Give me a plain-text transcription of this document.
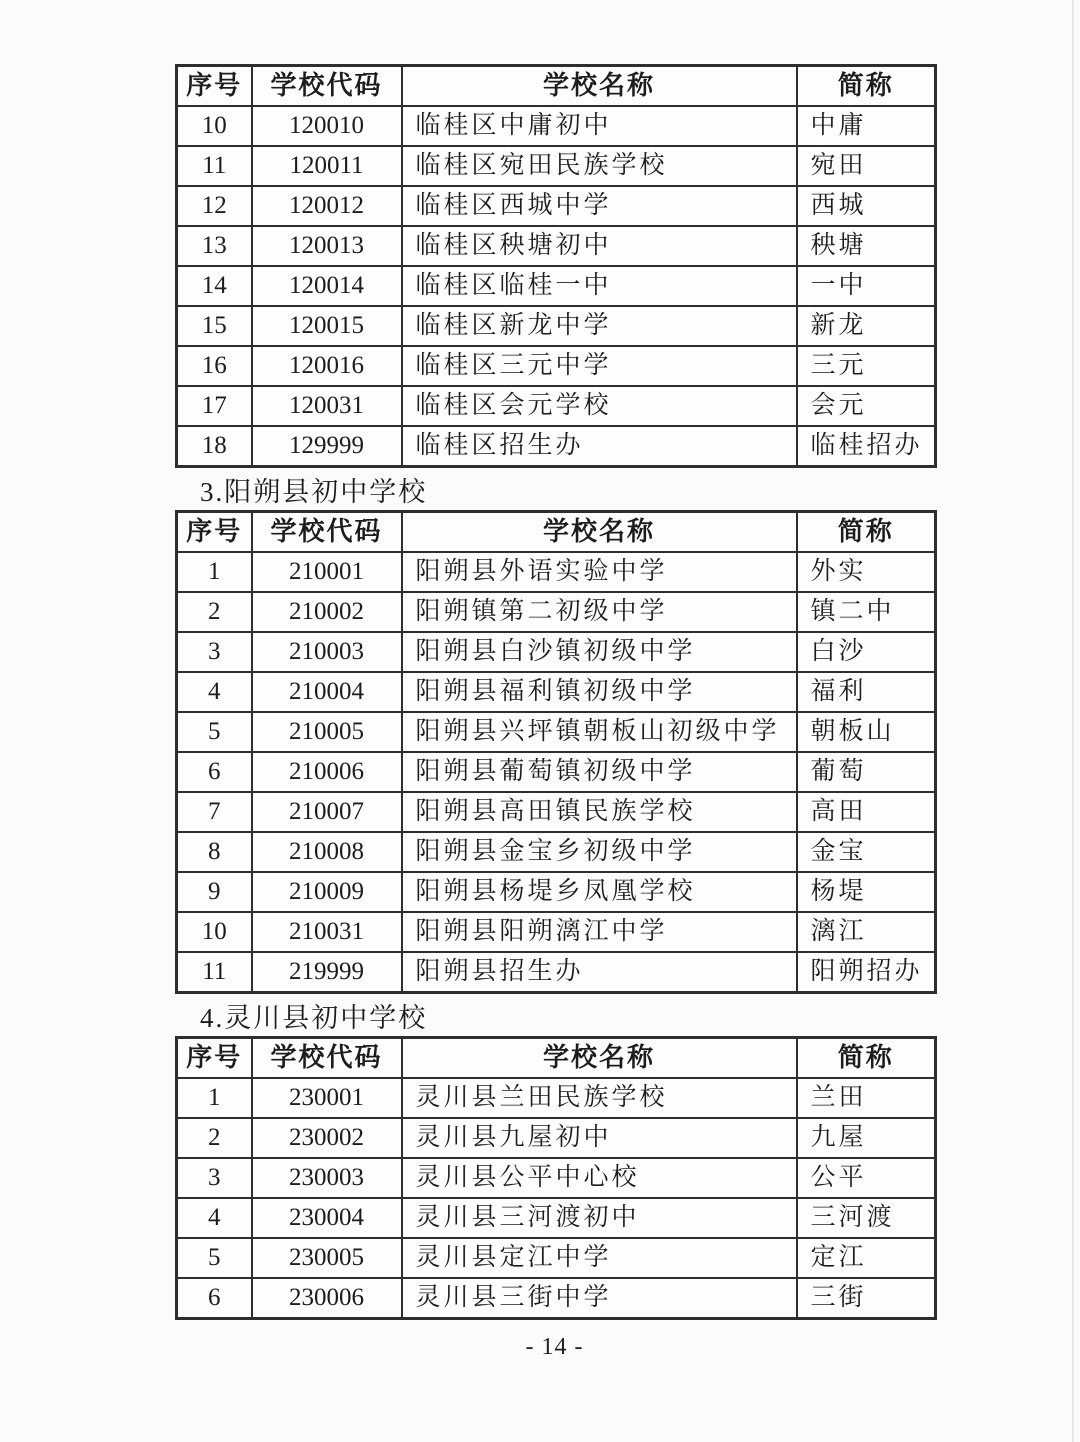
序号	学校代码	学校名称	简称
10	120010	临桂区中庸初中	中庸
11	120011	临桂区宛田民族学校	宛田
12	120012	临桂区西城中学	西城
13	120013	临桂区秧塘初中	秧塘
14	120014	临桂区临桂一中	一中
15	120015	临桂区新龙中学	新龙
16	120016	临桂区三元中学	三元
17	120031	临桂区会元学校	会元
18	129999	临桂区招生办	临桂招办
3.阳朔县初中学校
序号	学校代码	学校名称	简称
1	210001	阳朔县外语实验中学	外实
2	210002	阳朔镇第二初级中学	镇二中
3	210003	阳朔县白沙镇初级中学	白沙
4	210004	阳朔县福利镇初级中学	福利
5	210005	阳朔县兴坪镇朝板山初级中学	朝板山
6	210006	阳朔县葡萄镇初级中学	葡萄
7	210007	阳朔县高田镇民族学校	高田
8	210008	阳朔县金宝乡初级中学	金宝
9	210009	阳朔县杨堤乡凤凰学校	杨堤
10	210031	阳朔县阳朔漓江中学	漓江
11	219999	阳朔县招生办	阳朔招办
4.灵川县初中学校
序号	学校代码	学校名称	简称
1	230001	灵川县兰田民族学校	兰田
2	230002	灵川县九屋初中	九屋
3	230003	灵川县公平中心校	公平
4	230004	灵川县三河渡初中	三河渡
5	230005	灵川县定江中学	定江
6	230006	灵川县三街中学	三街
- 14 -
